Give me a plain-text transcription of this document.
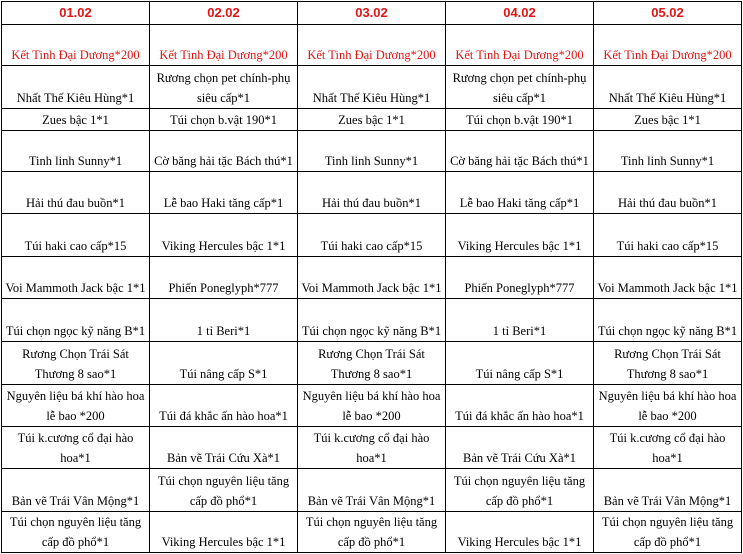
01.02	02.02	03.02	04.02	05.02
Kết Tinh Đại Dương*200	Kết Tinh Đại Dương*200	Kết Tinh Đại Dương*200	Kết Tinh Đại Dương*200	Kết Tinh Đại Dương*200
Nhất Thế Kiêu Hùng*1	Rương chọn pet chính-phụ siêu cấp*1	Nhất Thế Kiêu Hùng*1	Rương chọn pet chính-phụ siêu cấp*1	Nhất Thế Kiêu Hùng*1
Zues bậc 1*1	Túi chọn b.vật 190*1	Zues bậc 1*1	Túi chọn b.vật 190*1	Zues bậc 1*1
Tinh linh Sunny*1	Cờ băng hải tặc Bách thú*1	Tinh linh Sunny*1	Cờ băng hải tặc Bách thú*1	Tinh linh Sunny*1
Hải thú đau buồn*1	Lễ bao Haki tăng cấp*1	Hải thú đau buồn*1	Lễ bao Haki tăng cấp*1	Hải thú đau buồn*1
Túi haki cao cấp*15	Viking Hercules bậc 1*1	Túi haki cao cấp*15	Viking Hercules bậc 1*1	Túi haki cao cấp*15
Voi Mammoth Jack bậc 1*1	Phiến Poneglyph*777	Voi Mammoth Jack bậc 1*1	Phiến Poneglyph*777	Voi Mammoth Jack bậc 1*1
Túi chọn ngọc kỹ năng B*1	1 tỉ Beri*1	Túi chọn ngọc kỹ năng B*1	1 tỉ Beri*1	Túi chọn ngọc kỹ năng B*1
Rương Chọn Trái Sát Thương 8 sao*1	Túi nâng cấp S*1	Rương Chọn Trái Sát Thương 8 sao*1	Túi nâng cấp S*1	Rương Chọn Trái Sát Thương 8 sao*1
Nguyên liệu bá khí hào hoa lễ bao *200	Túi đá khắc ấn hào hoa*1	Nguyên liệu bá khí hào hoa lễ bao *200	Túi đá khắc ấn hào hoa*1	Nguyên liệu bá khí hào hoa lễ bao *200
Túi k.cương cổ đại hào hoa*1	Bản vẽ Trái Cứu Xà*1	Túi k.cương cổ đại hào hoa*1	Bản vẽ Trái Cứu Xà*1	Túi k.cương cổ đại hào hoa*1
Bản vẽ Trái Vân Mộng*1	Túi chọn nguyên liệu tăng cấp đồ phổ*1	Bản vẽ Trái Vân Mộng*1	Túi chọn nguyên liệu tăng cấp đồ phổ*1	Bản vẽ Trái Vân Mộng*1
Túi chọn nguyên liệu tăng cấp đồ phổ*1	Viking Hercules bậc 1*1	Túi chọn nguyên liệu tăng cấp đồ phổ*1	Viking Hercules bậc 1*1	Túi chọn nguyên liệu tăng cấp đồ phổ*1
